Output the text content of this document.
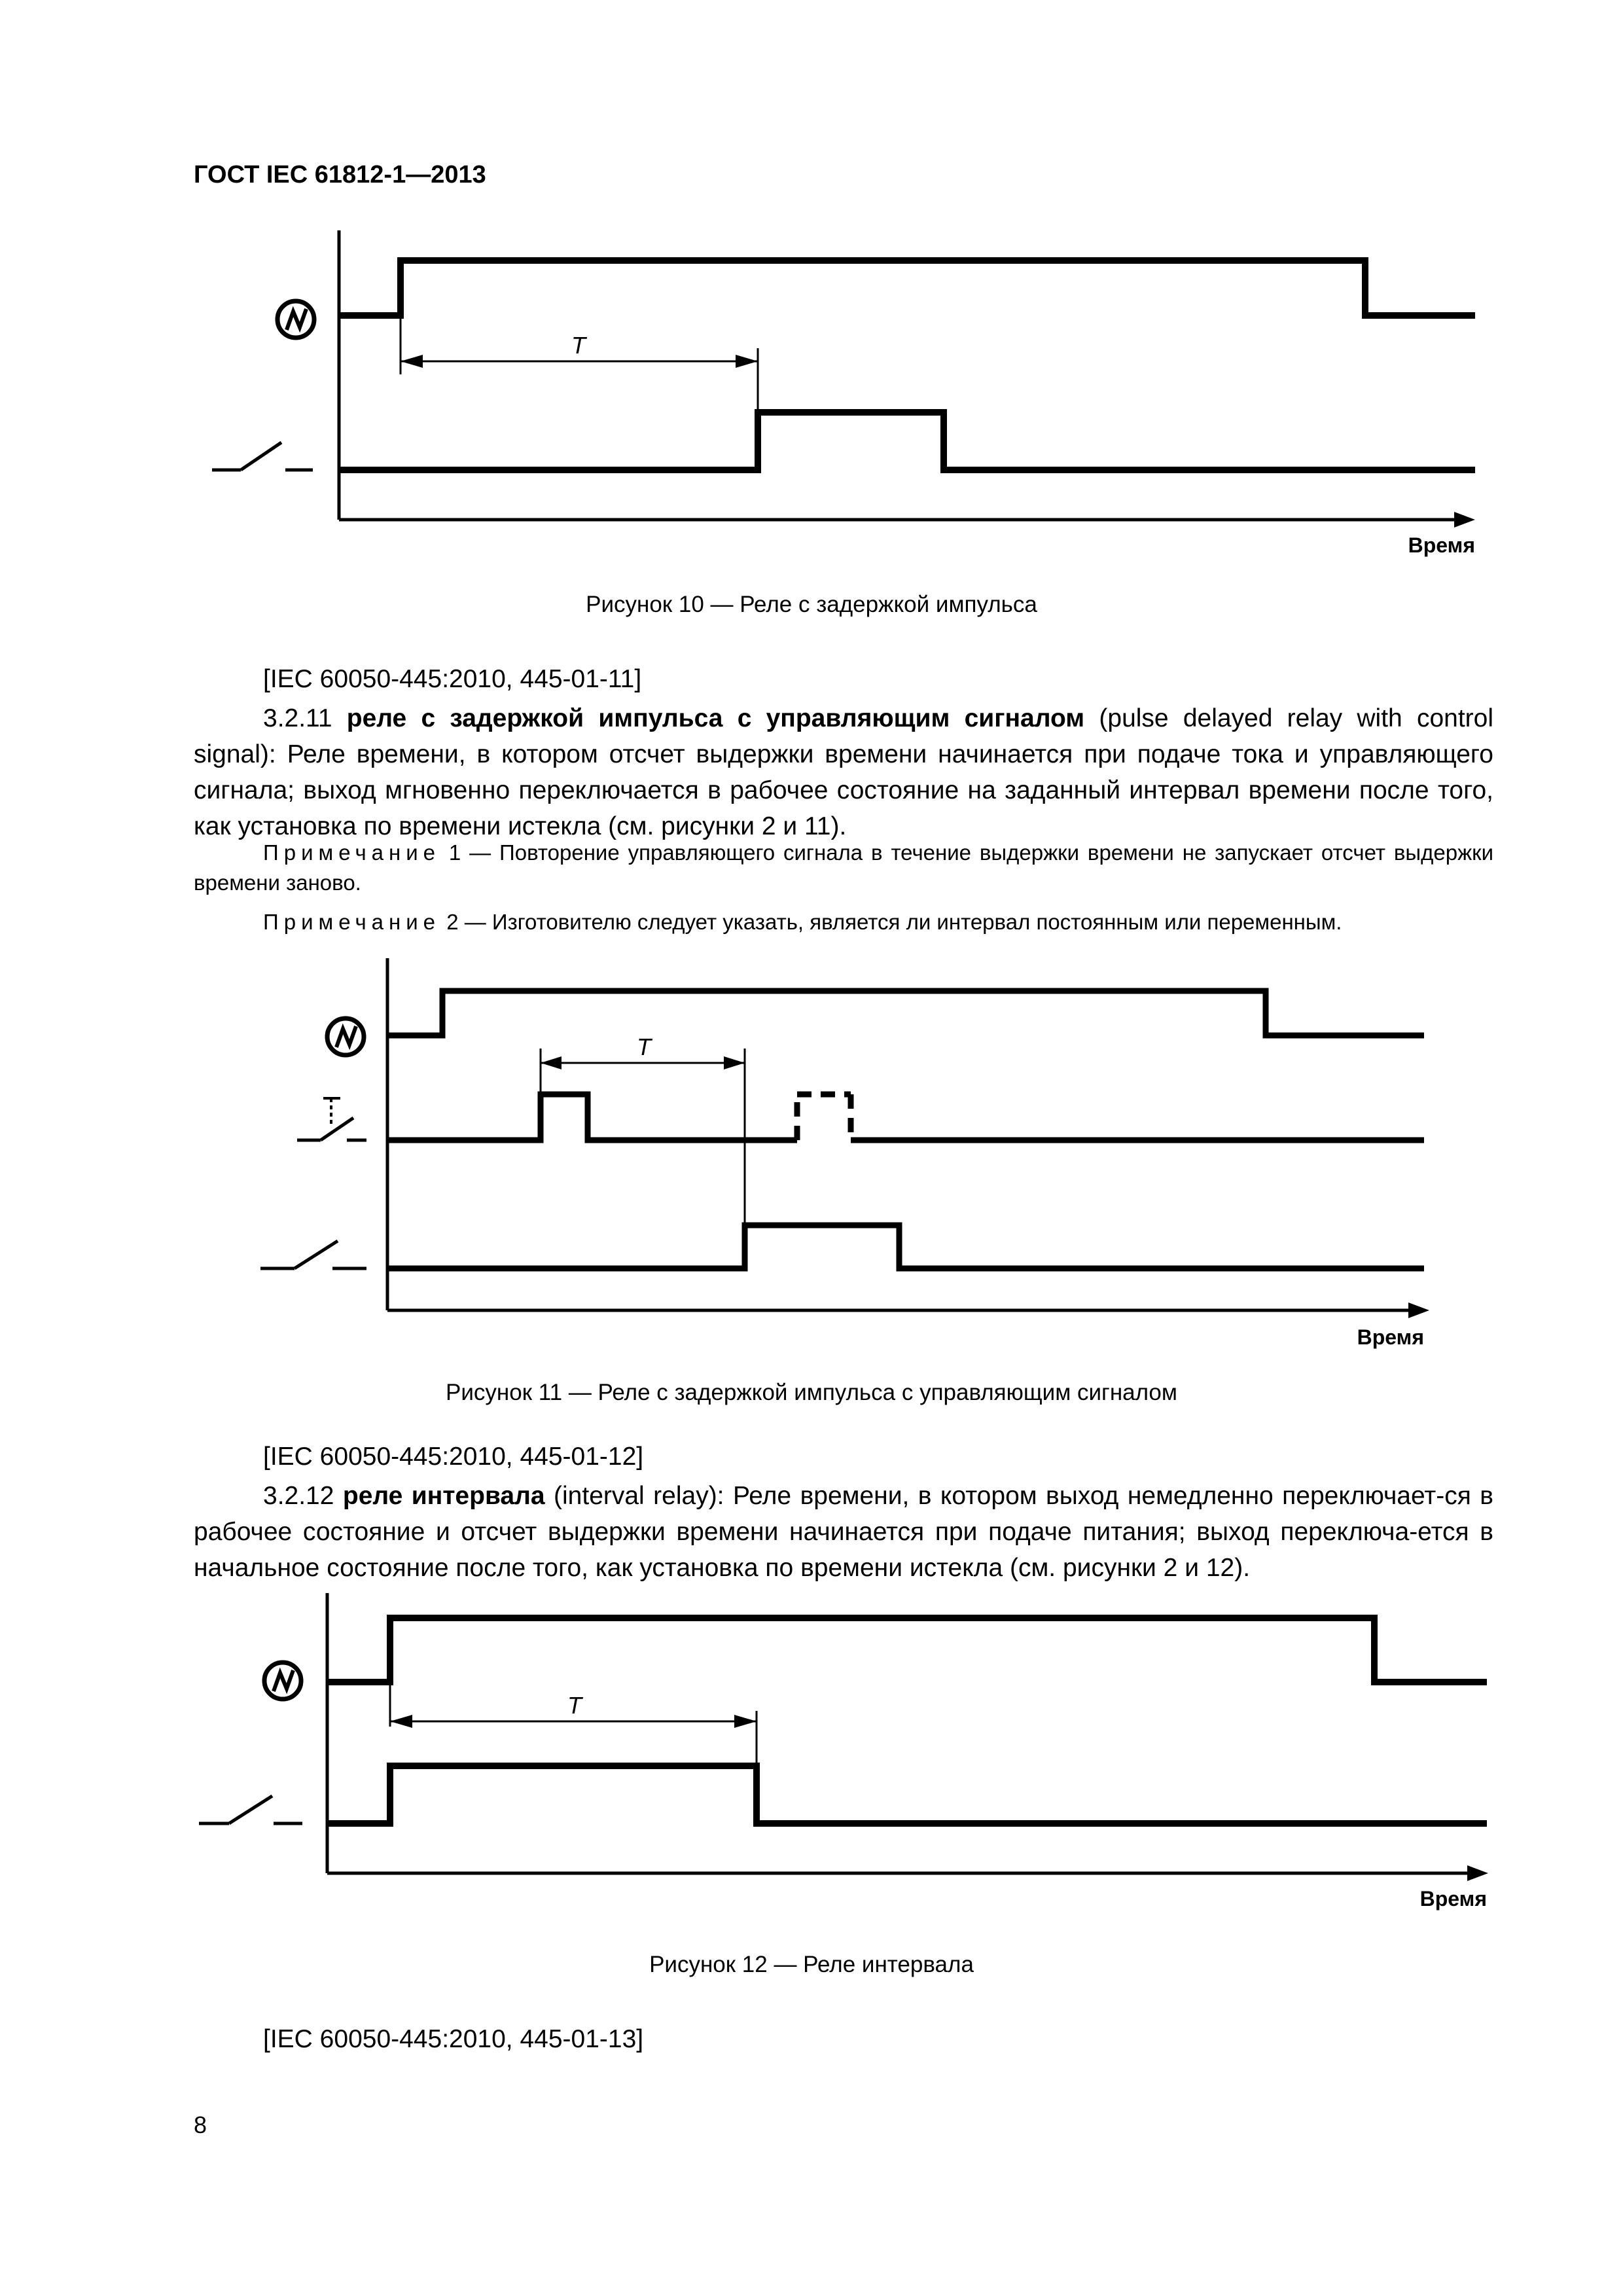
ГОСТ IEC 61812-1—2013
T
Время
Рисунок 10 — Реле с задержкой импульса
[IEC 60050-445:2010, 445-01-11]

3.2.11 реле с задержкой импульса с управляющим сигналом (pulse delayed relay with control signal): Реле времени, в котором отсчет выдержки времени начинается при подаче тока и управляющего сигнала; выход мгновенно переключается в рабочее состояние на заданный интервал времени после того, как установка по времени истекла (см. рисунки 2 и 11).

Примечание 1 — Повторение управляющего сигнала в течение выдержки времени не запускает отсчет выдержки времени заново.

Примечание 2 — Изготовителю следует указать, является ли интервал постоянным или переменным.

T
Время
Рисунок 11 — Реле с задержкой импульса с управляющим сигналом
[IEC 60050-445:2010, 445-01-12]

3.2.12 реле интервала (interval relay): Реле времени, в котором выход немедленно переключает-ся в рабочее состояние и отсчет выдержки времени начинается при подаче питания; выход переключа-ется в начальное состояние после того, как установка по времени истекла (см. рисунки 2 и 12).

T
Время
Рисунок 12 — Реле интервала
[IEC 60050-445:2010, 445-01-13]
8
